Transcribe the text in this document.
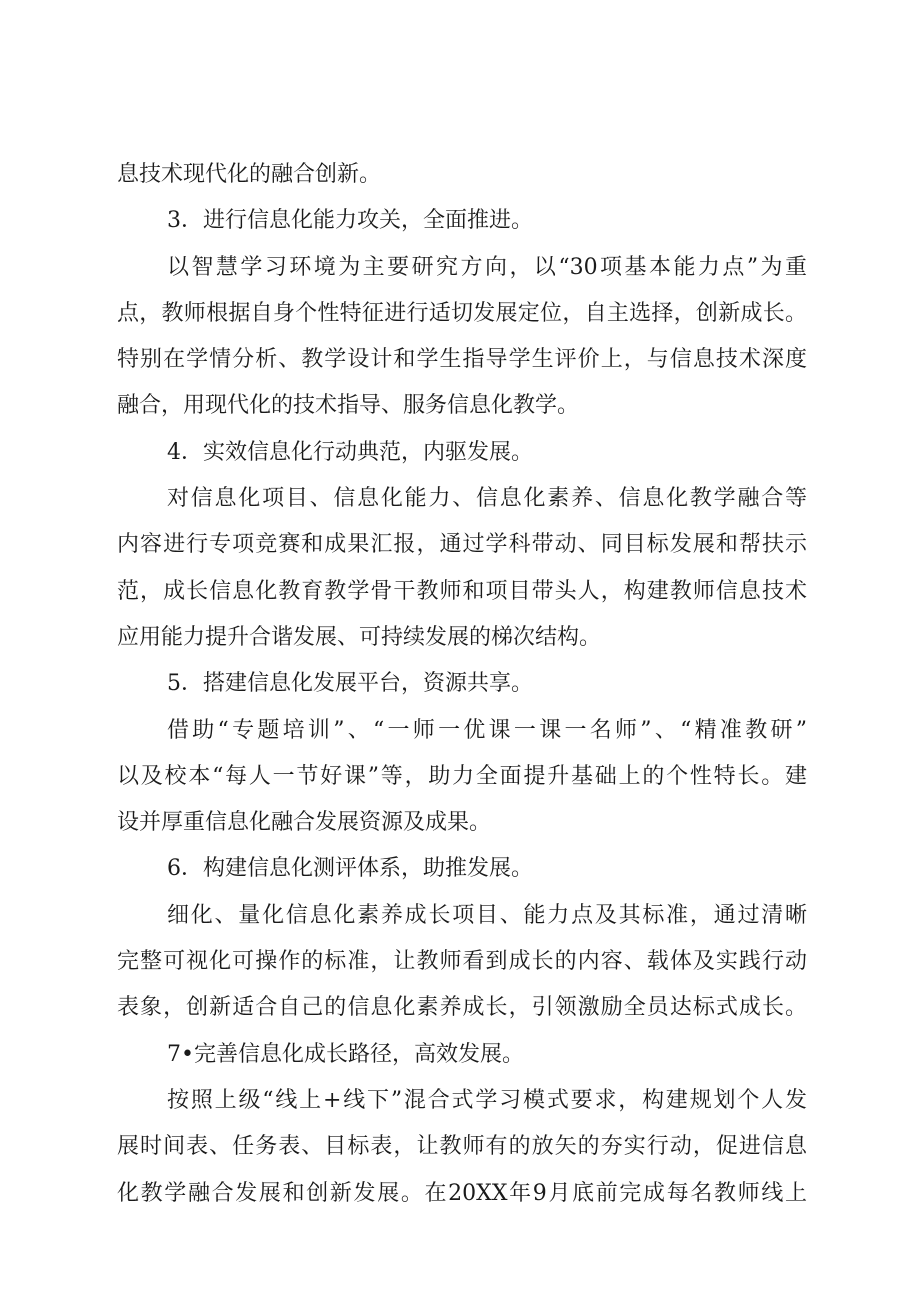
息技术现代化的融合创新。
3．进行信息化能力攻关，全面推进。
以智慧学习环境为主要研究方向，以“30项基本能力点”为重
点，教师根据自身个性特征进行适切发展定位，自主选择，创新成长。
特别在学情分析、教学设计和学生指导学生评价上，与信息技术深度
融合，用现代化的技术指导、服务信息化教学。
4．实效信息化行动典范，内驱发展。
对信息化项目、信息化能力、信息化素养、信息化教学融合等
内容进行专项竞赛和成果汇报，通过学科带动、同目标发展和帮扶示
范，成长信息化教育教学骨干教师和项目带头人，构建教师信息技术
应用能力提升合谐发展、可持续发展的梯次结构。
5．搭建信息化发展平台，资源共享。
借助“专题培训”、“一师一优课一课一名师”、“精准教研”
以及校本“每人一节好课”等，助力全面提升基础上的个性特长。建
设并厚重信息化融合发展资源及成果。
6．构建信息化测评体系，助推发展。
细化、量化信息化素养成长项目、能力点及其标准，通过清晰
完整可视化可操作的标准，让教师看到成长的内容、载体及实践行动
表象，创新适合自己的信息化素养成长，引领激励全员达标式成长。
7•完善信息化成长路径，高效发展。
按照上级“线上+线下”混合式学习模式要求，构建规划个人发
展时间表、任务表、目标表，让教师有的放矢的夯实行动，促进信息
化教学融合发展和创新发展。在20XX年9月底前完成每名教师线上
